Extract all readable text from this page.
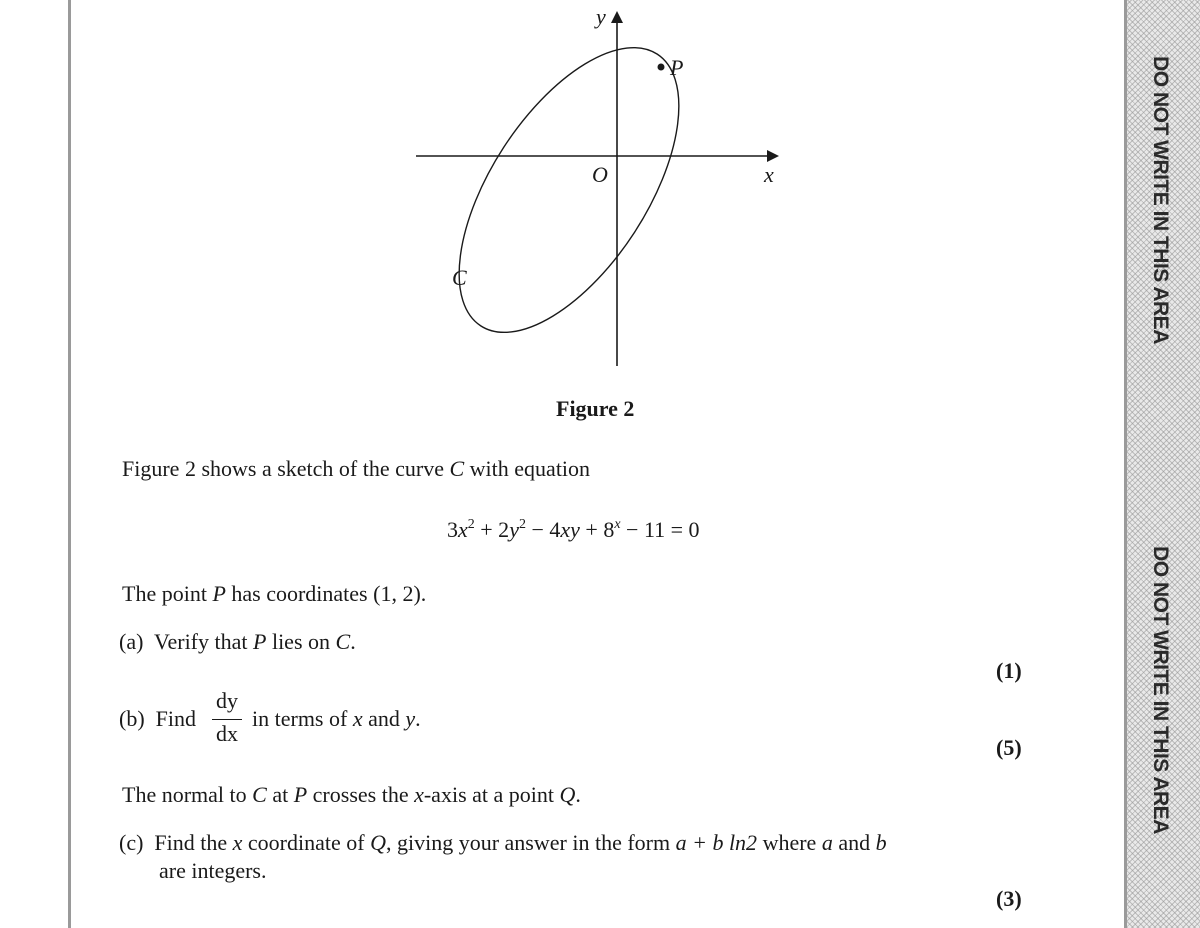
DO NOT WRITE IN THIS AREA
DO NOT WRITE IN THIS AREA
y
x
O
P
C
Figure 2
Figure 2 shows a sketch of the curve C with equation
$3x^2 + 2y^2 - 4xy + 8^x - 11 = 0$
The point P has coordinates (1, 2).
(a) Verify that P lies on C.
(1)
(b) Find
dy
dx
in terms of x and y.
(5)
The normal to C at P crosses the x-axis at a point Q.
(c) Find the x coordinate of Q, giving your answer in the form a + b ln2 where a and b
are integers.
(3)
